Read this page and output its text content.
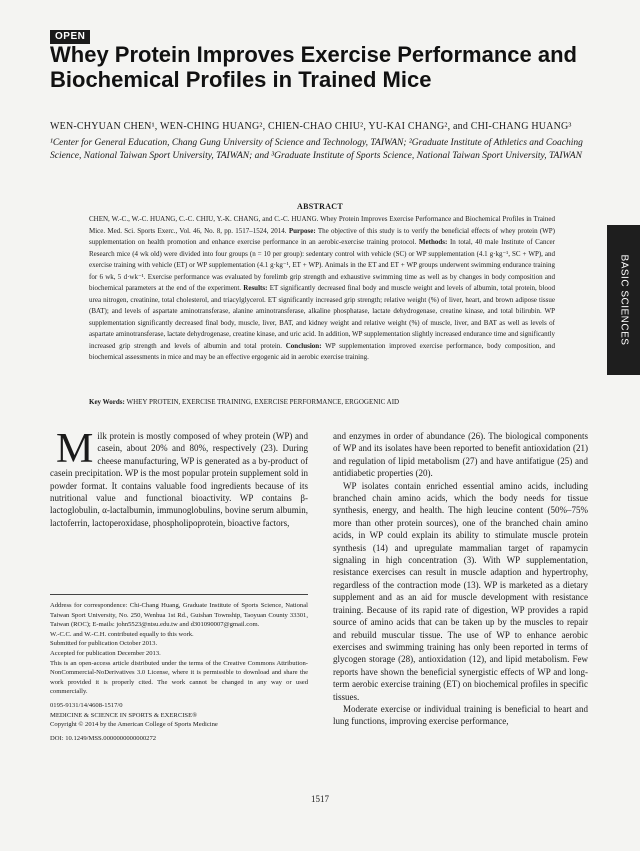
OPEN
Whey Protein Improves Exercise Performance and Biochemical Profiles in Trained Mice
WEN-CHYUAN CHEN¹, WEN-CHING HUANG², CHIEN-CHAO CHIU², YU-KAI CHANG², and CHI-CHANG HUANG³
¹Center for General Education, Chang Gung University of Science and Technology, TAIWAN; ²Graduate Institute of Athletics and Coaching Science, National Taiwan Sport University, TAIWAN; and ³Graduate Institute of Sports Science, National Taiwan Sport University, TAIWAN
BASIC SCIENCES
ABSTRACT
CHEN, W.-C., W.-C. HUANG, C.-C. CHIU, Y.-K. CHANG, and C.-C. HUANG. Whey Protein Improves Exercise Performance and Biochemical Profiles in Trained Mice. Med. Sci. Sports Exerc., Vol. 46, No. 8, pp. 1517–1524, 2014. Purpose: The objective of this study is to verify the beneficial effects of whey protein (WP) supplementation on health promotion and enhance exercise performance in an aerobic-exercise training protocol. Methods: In total, 40 male Institute of Cancer Research mice (4 wk old) were divided into four groups (n = 10 per group): sedentary control with vehicle (SC) or WP supplementation (4.1 g·kg⁻¹, SC + WP), and exercise training with vehicle (ET) or WP supplementation (4.1 g·kg⁻¹, ET + WP). Animals in the ET and ET + WP groups underwent swimming endurance training for 6 wk, 5 d·wk⁻¹. Exercise performance was evaluated by forelimb grip strength and exhaustive swimming time as well as by changes in body composition and biochemical parameters at the end of the experiment. Results: ET significantly decreased final body and muscle weight and levels of albumin, total protein, blood urea nitrogen, creatinine, total cholesterol, and triacylglycerol. ET significantly increased grip strength; relative weight (%) of liver, heart, and brown adipose tissue (BAT); and levels of aspartate aminotransferase, alanine aminotransferase, alkaline phosphatase, lactate dehydrogenase, creatine kinase, and total bilirubin. WP supplementation significantly decreased final body, muscle, liver, BAT, and kidney weight and relative weight (%) of muscle, liver, and BAT as well as levels of aspartate aminotransferase, lactate dehydrogenase, creatine kinase, and uric acid. In addition, WP supplementation slightly increased endurance time and significantly increased grip strength and levels of albumin and total protein. Conclusion: WP supplementation improved exercise performance, body composition, and biochemical assessments in mice and may be an effective ergogenic aid in aerobic exercise training.
Key Words: WHEY PROTEIN, EXERCISE TRAINING, EXERCISE PERFORMANCE, ERGOGENIC AID

Milk protein is mostly composed of whey protein (WP) and casein, about 20% and 80%, respectively (23). During cheese manufacturing, WP is generated as a by-product of casein precipitation. WP is the most popular protein supplement sold in powder format. It contains valuable food ingredients because of its nutritional value and functional bioactivity. WP contains β-lactoglobulin, α-lactalbumin, immunoglobulins, bovine serum albumin, lactoferrin, lactoperoxidase, phospholipoprotein, bioactive factors,

and enzymes in order of abundance (26). The biological components of WP and its isolates have been reported to benefit antioxidation (21) and regulation of lipid metabolism (27) and have antifatigue (25) and antidiabetic properties (20).

WP isolates contain enriched essential amino acids, including branched chain amino acids, which the body needs for tissue synthesis, energy, and health. The high leucine content (50%–75% more than other protein sources), one of the branched chain amino acids, in WP could explain its ability to stimulate muscle protein synthesis (14) and upregulate mammalian target of rapamycin signaling in high concentration (3). With WP supplementation, resistance exercises can result in muscle adaption and hypertrophy, regardless of the contraction mode (13). WP is marketed as a dietary supplement and as an aid for muscle development with resistance training. Because of its rapid rate of digestion, WP provides a rapid source of amino acids that can be taken up by the muscles to repair and rebuild muscular tissue. The use of WP to enhance aerobic exercises and swimming training has only been reported in terms of glycogen storage (28), antioxidation (12), and lipid metabolism. Few reports have shown the beneficial synergistic effects of WP and long-term aerobic exercise training (ET) on biochemical profiles in specific tissues.

Moderate exercise or individual training is beneficial to heart and lung functions, improving exercise performance,

Address for correspondence: Chi-Chang Huang, Graduate Institute of Sports Science, National Taiwan Sport University, No. 250, Wenhua 1st Rd., Guishan Township, Taoyuan County 33301, Taiwan (ROC); E-mails: john5523@ntsu.edu.tw and d301090007@gmail.com.

W.-C.C. and W.-C.H. contributed equally to this work.

Submitted for publication October 2013.

Accepted for publication December 2013.

This is an open-access article distributed under the terms of the Creative Commons Attribution-NonCommercial-NoDerivatives 3.0 License, where it is permissible to download and share the work provided it is properly cited. The work cannot be changed in any way or used commercially.

0195-9131/14/4608-1517/0

MEDICINE & SCIENCE IN SPORTS & EXERCISE®

Copyright © 2014 by the American College of Sports Medicine

DOI: 10.1249/MSS.0000000000000272

1517
